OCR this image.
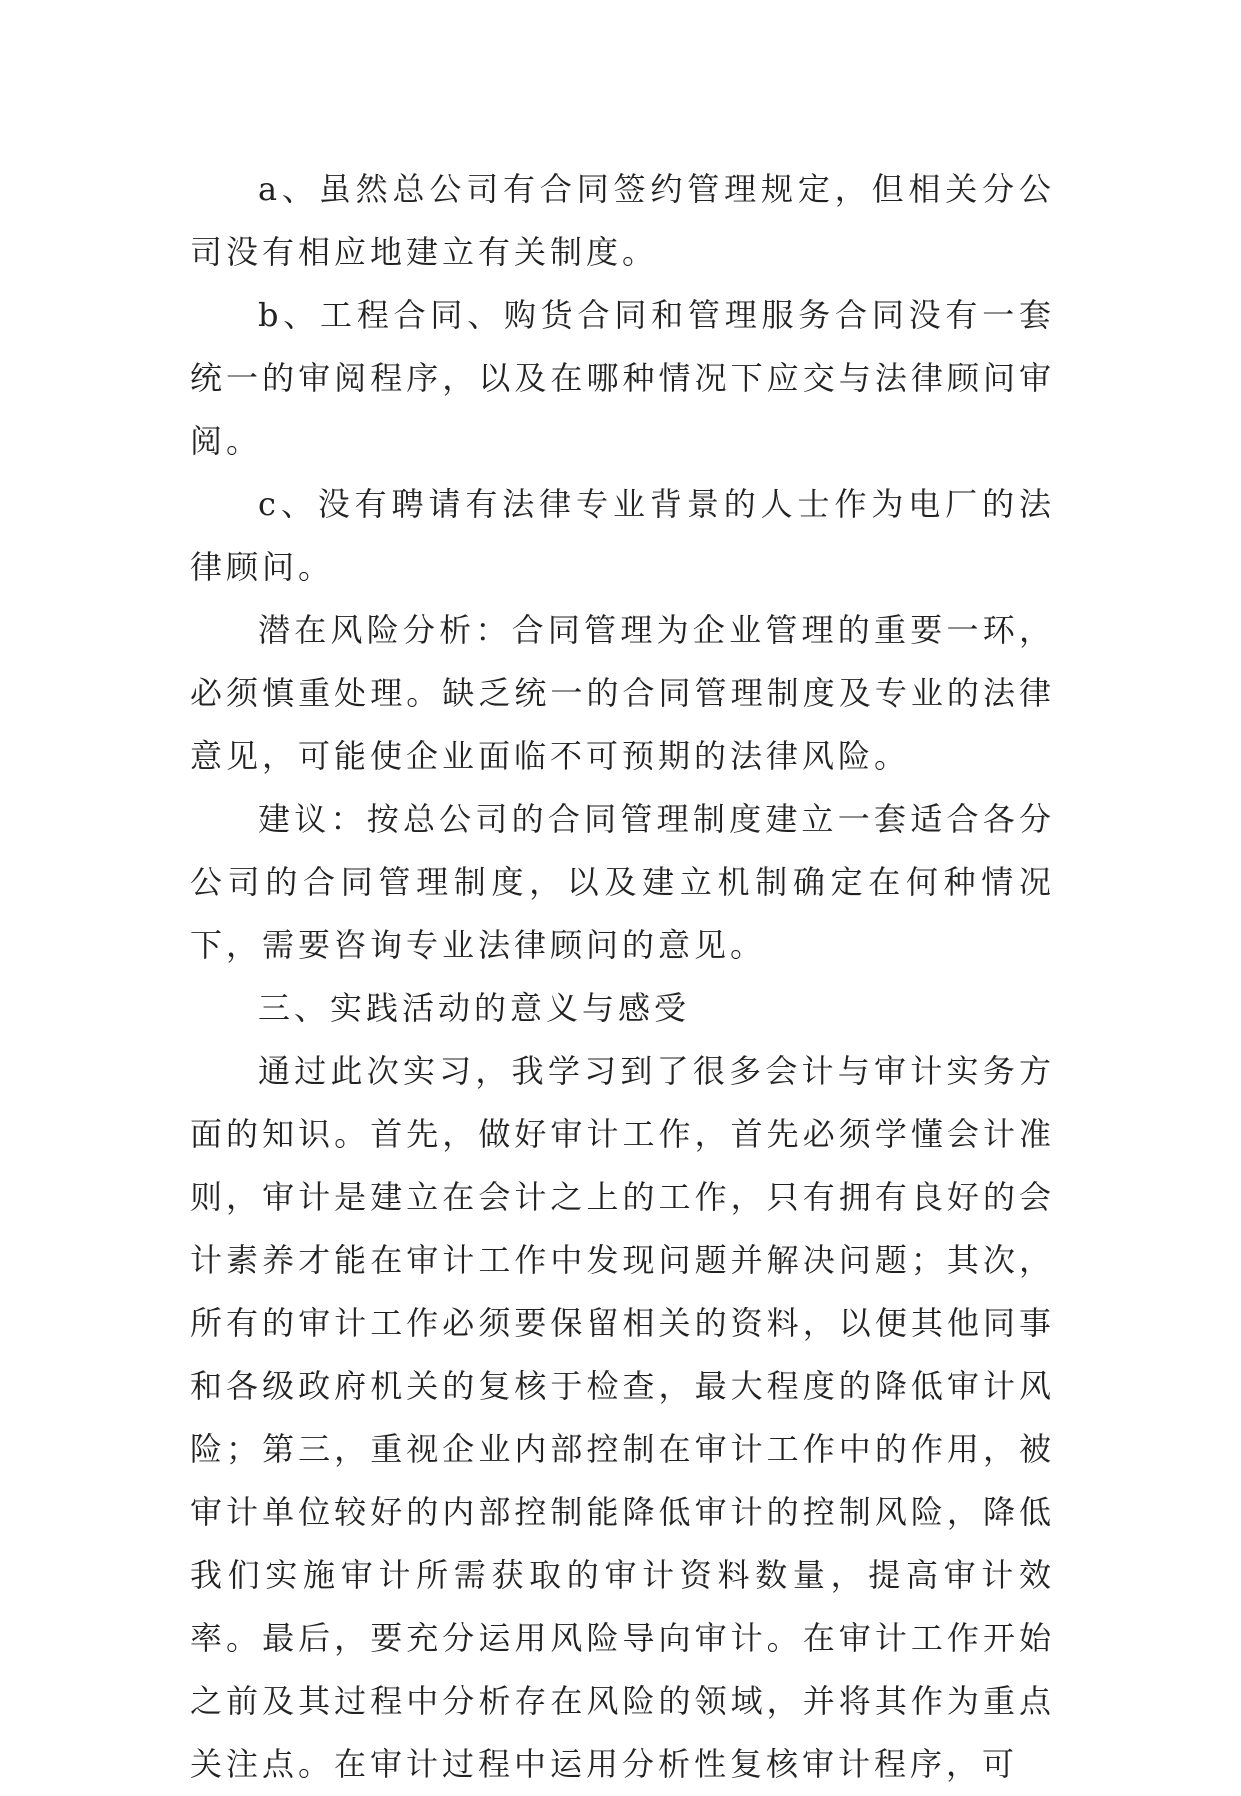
a、虽然总公司有合同签约管理规定，但相关分公司没有相应地建立有关制度。

b、工程合同、购货合同和管理服务合同没有一套统一的审阅程序，以及在哪种情况下应交与法律顾问审阅。

c、没有聘请有法律专业背景的人士作为电厂的法律顾问。

潜在风险分析：合同管理为企业管理的重要一环，必须慎重处理。缺乏统一的合同管理制度及专业的法律意见，可能使企业面临不可预期的法律风险。

建议：按总公司的合同管理制度建立一套适合各分公司的合同管理制度，以及建立机制确定在何种情况下，需要咨询专业法律顾问的意见。

三、实践活动的意义与感受

通过此次实习，我学习到了很多会计与审计实务方面的知识。首先，做好审计工作，首先必须学懂会计准则，审计是建立在会计之上的工作，只有拥有良好的会计素养才能在审计工作中发现问题并解决问题；其次，所有的审计工作必须要保留相关的资料，以便其他同事和各级政府机关的复核于检查，最大程度的降低审计风险；第三，重视企业内部控制在审计工作中的作用，被审计单位较好的内部控制能降低审计的控制风险，降低我们实施审计所需获取的审计资料数量，提高审计效率。最后，要充分运用风险导向审计。在审计工作开始之前及其过程中分析存在风险的领域，并将其作为重点关注点。在审计过程中运用分析性复核审计程序，可
